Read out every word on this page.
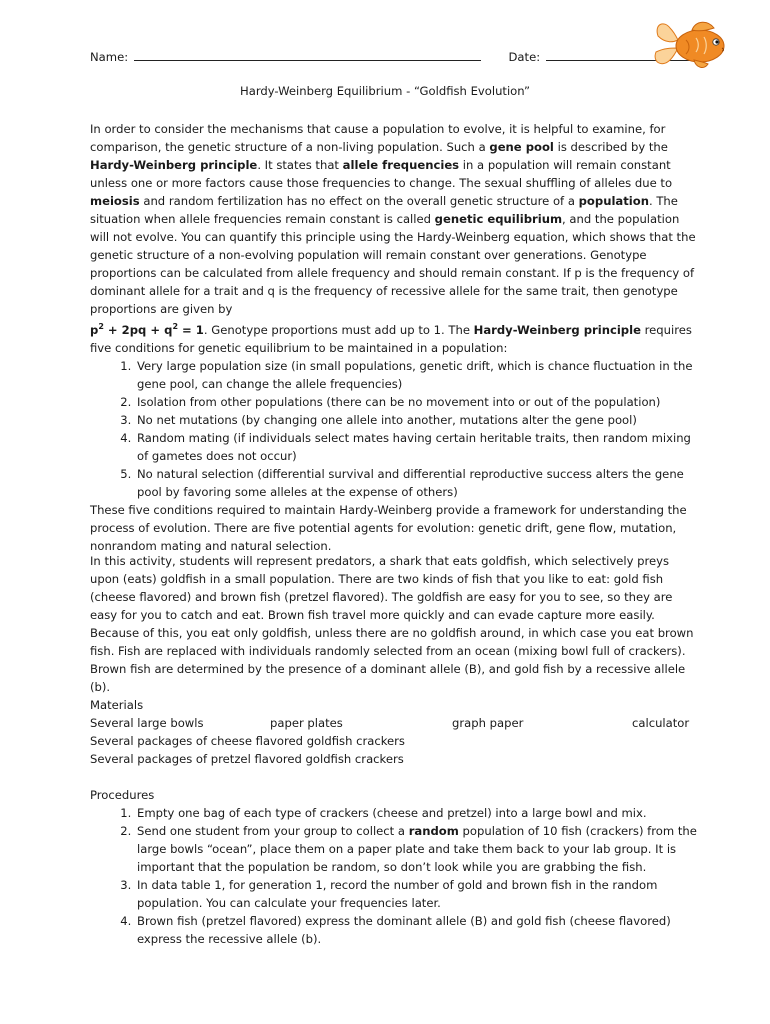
Name:	Date:
Hardy-Weinberg Equilibrium - “Goldfish Evolution”

In order to consider the mechanisms that cause a population to evolve, it is helpful to examine, for comparison, the genetic structure of a non-living population. Such a gene pool is described by the Hardy-Weinberg principle. It states that allele frequencies in a population will remain constant unless one or more factors cause those frequencies to change. The sexual shuffling of alleles due to meiosis and random fertilization has no effect on the overall genetic structure of a population. The situation when allele frequencies remain constant is called genetic equilibrium, and the population will not evolve. You can quantify this principle using the Hardy-Weinberg equation, which shows that the genetic structure of a non-evolving population will remain constant over generations. Genotype proportions can be calculated from allele frequency and should remain constant. If p is the frequency of dominant allele for a trait and q is the frequency of recessive allele for the same trait, then genotype proportions are given by

$p^2 + 2pq + q^2 = 1$. Genotype proportions must add up to 1. The Hardy-Weinberg principle requires five conditions for genetic equilibrium to be maintained in a population:

1. Very large population size (in small populations, genetic drift, which is chance fluctuation in the gene pool, can change the allele frequencies)
2. Isolation from other populations (there can be no movement into or out of the population)
3. No net mutations (by changing one allele into another, mutations alter the gene pool)
4. Random mating (if individuals select mates having certain heritable traits, then random mixing of gametes does not occur)
5. No natural selection (differential survival and differential reproductive success alters the gene pool by favoring some alleles at the expense of others)

These five conditions required to maintain Hardy-Weinberg provide a framework for understanding the process of evolution. There are five potential agents for evolution: genetic drift, gene flow, mutation, nonrandom mating and natural selection.

In this activity, students will represent predators, a shark that eats goldfish, which selectively preys upon (eats) goldfish in a small population. There are two kinds of fish that you like to eat: gold fish (cheese flavored) and brown fish (pretzel flavored). The goldfish are easy for you to see, so they are easy for you to catch and eat. Brown fish travel more quickly and can evade capture more easily. Because of this, you eat only goldfish, unless there are no goldfish around, in which case you eat brown fish. Fish are replaced with individuals randomly selected from an ocean (mixing bowl full of crackers). Brown fish are determined by the presence of a dominant allele (B), and gold fish by a recessive allele (b).

Materials

Several large bowls	paper plates	graph paper	calculator

Several packages of cheese flavored goldfish crackers

Several packages of pretzel flavored goldfish crackers

Procedures

1. Empty one bag of each type of crackers (cheese and pretzel) into a large bowl and mix.
2. Send one student from your group to collect a random population of 10 fish (crackers) from the large bowls “ocean”, place them on a paper plate and take them back to your lab group. It is important that the population be random, so don’t look while you are grabbing the fish.
3. In data table 1, for generation 1, record the number of gold and brown fish in the random population. You can calculate your frequencies later.
4. Brown fish (pretzel flavored) express the dominant allele (B) and gold fish (cheese flavored) express the recessive allele (b).
